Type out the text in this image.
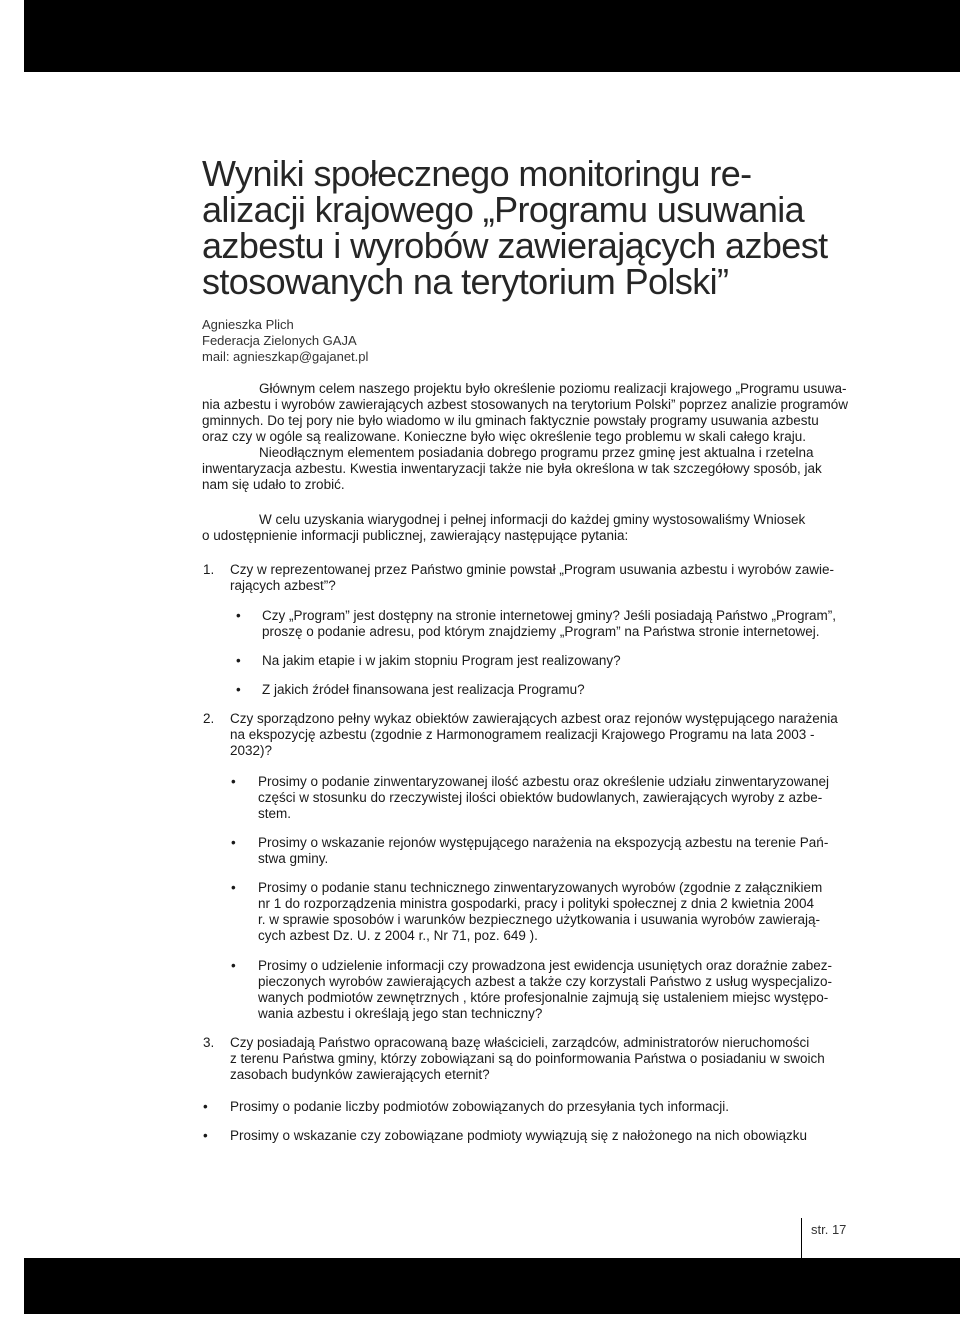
Wyniki społecznego monitoringu re-
alizacji krajowego „Programu usuwania
azbestu i wyrobów zawierających azbest
stosowanych na terytorium Polski”
Agnieszka Plich
Federacja Zielonych GAJA
mail: agnieszkap@gajanet.pl
Głównym celem naszego projektu było określenie poziomu realizacji krajowego „Programu usuwa-
nia azbestu i wyrobów zawierających azbest stosowanych na terytorium Polski” poprzez analizie programów
gminnych. Do tej pory nie było wiadomo w ilu gminach faktycznie powstały programy usuwania azbestu
oraz czy w ogóle są realizowane. Konieczne było więc określenie tego problemu w skali całego kraju.
Nieodłącznym elementem posiadania dobrego programu przez gminę jest aktualna i rzetelna
inwentaryzacja azbestu. Kwestia inwentaryzacji także nie była określona w tak szczegółowy sposób, jak
nam się udało to zrobić.
W celu uzyskania wiarygodnej i pełnej informacji do każdej gminy wystosowaliśmy Wniosek
o udostępnienie informacji publicznej, zawierający następujące pytania:
1. Czy w reprezentowanej przez Państwo gminie powstał „Program usuwania azbestu i wyrobów zawie-
rających azbest”?
• Czy „Program” jest dostępny na stronie internetowej gminy? Jeśli posiadają Państwo „Program”,
proszę o podanie adresu, pod którym znajdziemy „Program” na Państwa stronie internetowej.
• Na jakim etapie i w jakim stopniu Program jest realizowany?
• Z jakich źródeł finansowana jest realizacja Programu?
2. Czy sporządzono pełny wykaz obiektów zawierających azbest oraz rejonów występującego narażenia
na ekspozycję azbestu (zgodnie z Harmonogramem realizacji Krajowego Programu na lata 2003 -
2032)?
• Prosimy o podanie zinwentaryzowanej ilość azbestu oraz określenie udziału zinwentaryzowanej
części w stosunku do rzeczywistej ilości obiektów budowlanych, zawierających wyroby z azbe-
stem.
• Prosimy o wskazanie rejonów występującego narażenia na ekspozycją azbestu na terenie Pań-
stwa gminy.
• Prosimy o podanie stanu technicznego zinwentaryzowanych wyrobów (zgodnie z załącznikiem
nr 1 do rozporządzenia ministra gospodarki, pracy i polityki społecznej z dnia 2 kwietnia 2004
r. w sprawie sposobów i warunków bezpiecznego użytkowania i usuwania wyrobów zawierają-
cych azbest Dz. U. z 2004 r., Nr 71, poz. 649 ).
• Prosimy o udzielenie informacji czy prowadzona jest ewidencja usuniętych oraz doraźnie zabez-
pieczonych wyrobów zawierających azbest a także czy korzystali Państwo z usług wyspecjalizo-
wanych podmiotów zewnętrznych , które profesjonalnie zajmują się ustaleniem miejsc występo-
wania azbestu i określają jego stan techniczny?
3. Czy posiadają Państwo opracowaną bazę właścicieli, zarządców, administratorów nieruchomości
z terenu Państwa gminy, którzy zobowiązani są do poinformowania Państwa o posiadaniu w swoich
zasobach budynków zawierających eternit?
• Prosimy o podanie liczby podmiotów zobowiązanych do przesyłania tych informacji.
• Prosimy o wskazanie czy zobowiązane podmioty wywiązują się z nałożonego na nich obowiązku
str. 17
